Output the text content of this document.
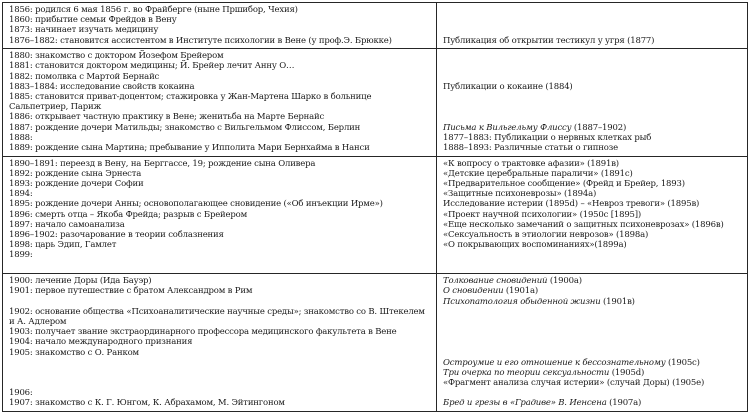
1856: родился 6 мая 1856 г. во Фрайберге (ныне Пршибор, Чехия)
1860: прибытие семьи Фрейдов в Вену
1873: начинает изучать медицину
1876–1882: становится ассистентом в Институте психологии в Вене (у проф.Э. Брюкке)

	Публикация об открытии тестикул у угря (1877)
1880: знакомство с доктором Йозефом Брейером
1881: становится доктором медицины; Й. Брейер лечит Анну О…
1882: помолвка с Мартой Бернайс
1883–1884: исследование свойств кокаина
1885: становится приват-доцентом; стажировка у Жан-Мартена Шарко в больнице
Сальпетриер, Париж
1886: открывает частную практику в Вене; женитьба на Марте Бернайс
1887: рождение дочери Матильды; знакомство с Вильгельмом Флиссом, Берлин
1888:
1889: рождение сына Мартина; пребывание у Ипполита Мари Бернхайма в Нанси

Публикации о кокаине (1884)

Письма к Вильгельму Флиссу (1887–1902)
1877–1883: Публикации о нервных клетках рыб
1888–1893: Различные статьи о гипнозе
1890–1891: переезд в Вену, на Берггассе, 19; рождение сына Оливера
1892: рождение сына Эрнеста
1893: рождение дочери Софии
1894:
1895: рождение дочери Анны; основополагающее сновидение («Об инъекции Ирме»)
1896: смерть отца – Якоба Фрейда; разрыв с Брейером
1897: начало самоанализа
1896–1902: разочарование в теории соблазнения
1898: царь Эдип, Гамлет
1899:

«К вопросу о трактовке афазии» (1891в)
«Детские церебральные параличи» (1891с)
«Предварительное сообщение» (Фрейд и Брейер, 1893)
«Защитные психоневрозы» (1894а)
Исследование истерии (1895d) – «Невроз тревоги» (1895в)
«Проект научной психологии» (1950с [1895])
«Еще несколько замечаний о защитных психоневрозах» (1896в)
«Сексуальность в этиологии неврозов» (1898а)
«О покрывающих воспоминаниях»(1899а)

1900: лечение Доры (Ида Бауэр)
1901: первое путешествие с братом Александром в Рим

1902: основание общества «Психоаналитические научные среды»; знакомство со В. Штекелем
и А. Адлером
1903: получает звание экстраординарного профессора медицинского факультета в Вене
1904: начало международного признания
1905: знакомство с О. Ранком

1906:
1907: знакомство с К. Г. Юнгом, К. Абрахамом, М. Эйтингоном
Толкование сновидений (1900а)
О сновидении (1901а)
Психопатология обыденной жизни (1901в)

Остроумие и его отношение к бессознательному (1905с)
Три очерка по теории сексуальности (1905d)
«Фрагмент анализа случая истерии» (случай Доры) (1905е)

Бред и грезы в «Градиве» В. Иенсена (1907а)
